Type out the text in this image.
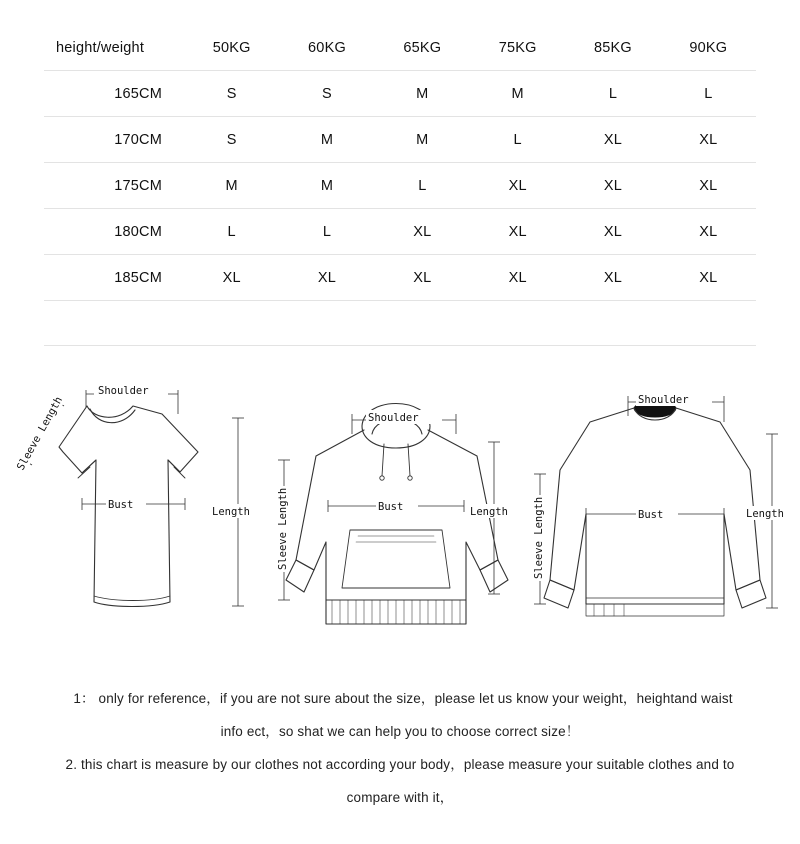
height/weight	50KG	60KG	65KG	75KG	85KG	90KG
165CM	S	S	M	M	L	L
170CM	S	M	M	L	XL	XL
175CM	M	M	L	XL	XL	XL
180CM	L	L	XL	XL	XL	XL
185CM	XL	XL	XL	XL	XL	XL
Shoulder
Sleeve Length
Bust
Length
Shoulder
Sleeve Length	Bust	Length
Shoulder
Sleeve Length	Bust	Length
1： only for reference，if you are not sure about the size，please let us know your weight，heightand waist
info ect，so shat we can help you to choose correct size！
2. this chart is measure by our clothes not according your body，please measure your suitable clothes and to
compare with it，
